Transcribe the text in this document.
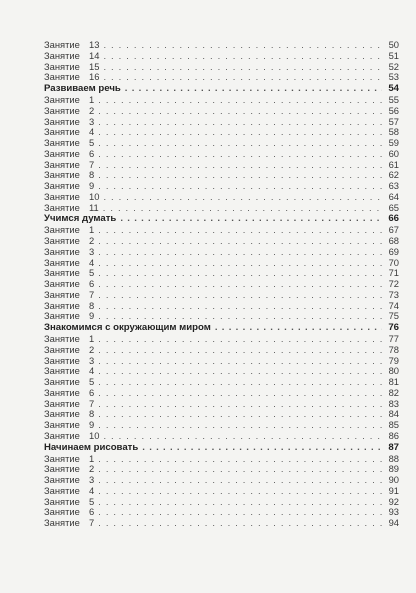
Занятие 13 . . .	50
Занятие 14 . . .	51
Занятие 15 . . .	52
Занятие 16 . . .	53
Развиваем речь . . .	54
Занятие 1 . . .	55
Занятие 2 . . .	56
Занятие 3 . . .	57
Занятие 4 . . .	58
Занятие 5 . . .	59
Занятие 6 . . .	60
Занятие 7 . . .	61
Занятие 8 . . .	62
Занятие 9 . . .	63
Занятие 10 . . .	64
Занятие 11 . . .	65
Учимся думать . . .	66
Занятие 1 . . .	67
Занятие 2 . . .	68
Занятие 3 . . .	69
Занятие 4 . . .	70
Занятие 5 . . .	71
Занятие 6 . . .	72
Занятие 7 . . .	73
Занятие 8 . . .	74
Занятие 9 . . .	75
Знакомимся с окружающим миром . . .	76
Занятие 1 . . .	77
Занятие 2 . . .	78
Занятие 3 . . .	79
Занятие 4 . . .	80
Занятие 5 . . .	81
Занятие 6 . . .	82
Занятие 7 . . .	83
Занятие 8 . . .	84
Занятие 9 . . .	85
Занятие 10 . . .	86
Начинаем рисовать . . .	87
Занятие 1 . . .	88
Занятие 2 . . .	89
Занятие 3 . . .	90
Занятие 4 . . .	91
Занятие 5 . . .	92
Занятие 6 . . .	93
Занятие 7 . . .	94
